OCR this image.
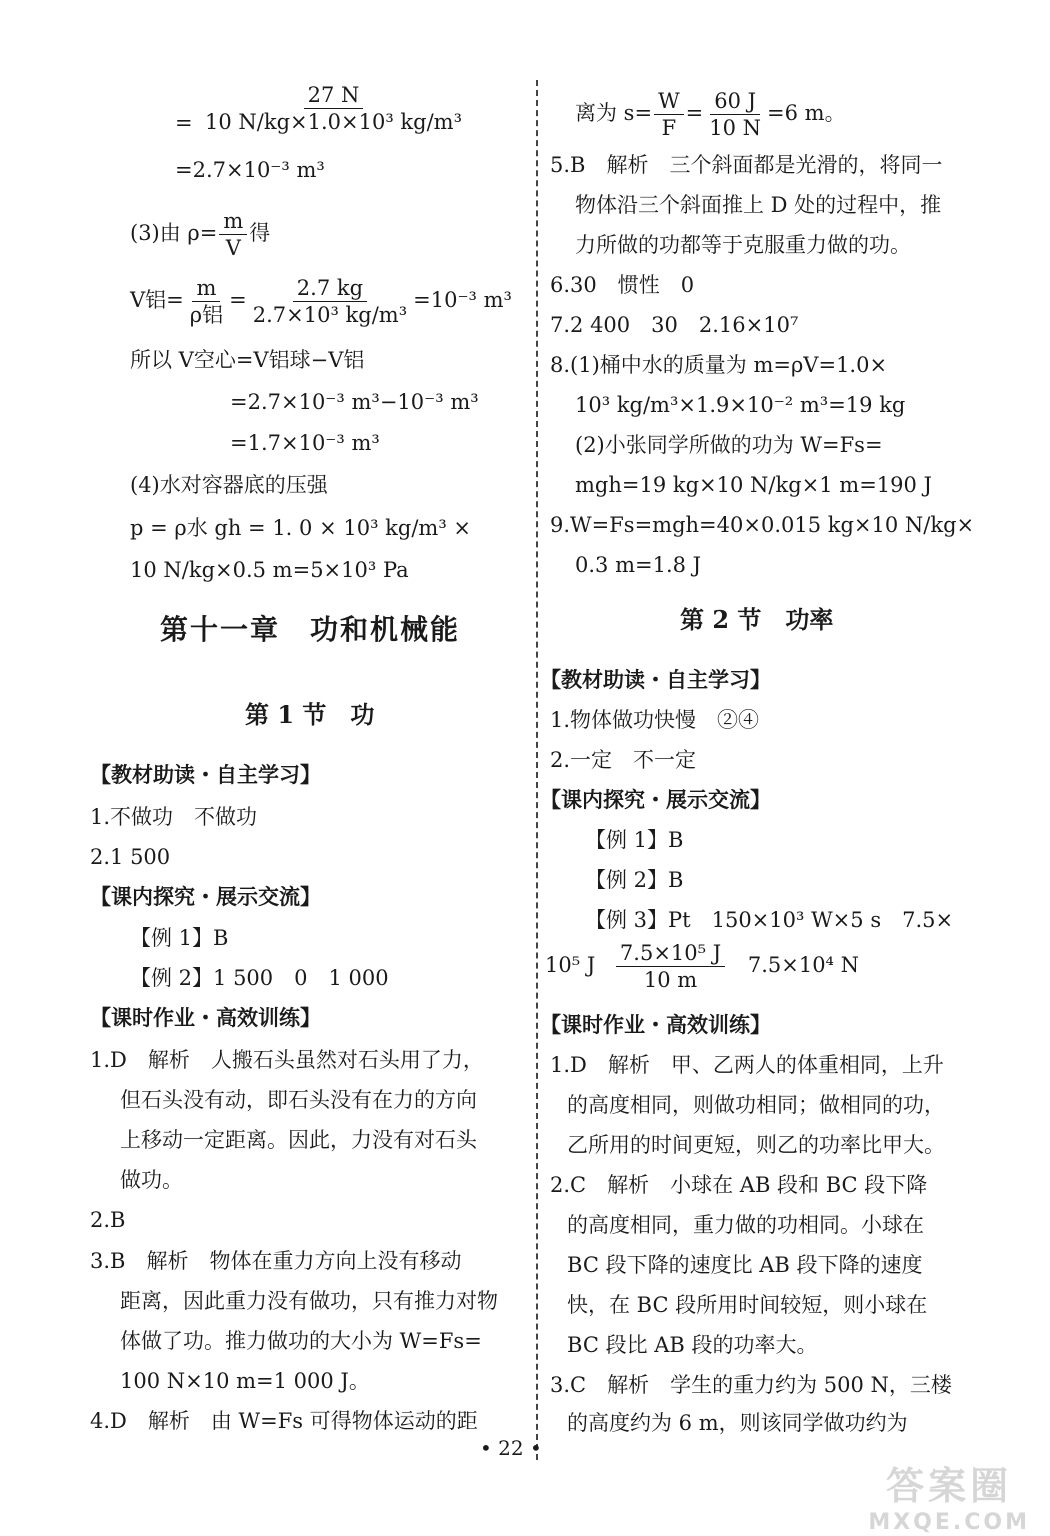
= $\frac{27 N}{\text{10 N/kg×1.0×10³ kg/m³}}$
=2.7×10⁻³ m³
(3)由 $\rho= \frac{m}{V}$ 得
V铝= $\frac{m}{\text{ρ铝}} = \frac{2.7 kg}{\text{2.7×10³ kg/m³}} =10^{-3}$ m³
所以 V空心=V铝球−V铝
=2.7×10⁻³ m³−10⁻³ m³
=1.7×10⁻³ m³
(4)水对容器底的压强
p = ρ水 gh = 1. 0 × 10³ kg/m³ ×
10 N/kg×0.5 m=5×10³ Pa
第十一章　功和机械能
第 1 节　功
【教材助读・自主学习】
1.不做功　不做功
2.1 500
【课内探究・展示交流】
【例 1】B
【例 2】1 500　0　1 000
【课时作业・高效训练】
1.D　解析　人搬石头虽然对石头用了力，
但石头没有动，即石头没有在力的方向
上移动一定距离。因此，力没有对石头
做功。
2.B
3.B　解析　物体在重力方向上没有移动
距离，因此重力没有做功，只有推力对物
体做了功。推力做功的大小为 W=Fs=
100 N×10 m=1 000 J。
4.D　解析　由 W=Fs 可得物体运动的距
离为 $s= \frac{W}{F} = \frac{60 J}{10 N} =6$ m。
5.B　解析　三个斜面都是光滑的，将同一
物体沿三个斜面推上 D 处的过程中，推
力所做的功都等于克服重力做的功。
6.30　惯性　0
7.2 400　30　2.16×10⁷
8.(1)桶中水的质量为 m=ρV=1.0×
10³ kg/m³×1.9×10⁻² m³=19 kg
(2)小张同学所做的功为 W=Fs=
mgh=19 kg×10 N/kg×1 m=190 J
9.W=Fs=mgh=40×0.015 kg×10 N/kg×
0.3 m=1.8 J
第 2 节　功率
【教材助读・自主学习】
1.物体做功快慢　②④
2.一定　不一定
【课内探究・展示交流】
【例 1】B
【例 2】B
【例 3】Pt　150×10³ W×5 s　7.5×
10⁵ J $\frac{\text{7.5×10⁵ J}}{10 m} 7.5\times 10^4$ N
【课时作业・高效训练】
1.D　解析　甲、乙两人的体重相同，上升
的高度相同，则做功相同；做相同的功，
乙所用的时间更短，则乙的功率比甲大。
2.C　解析　小球在 AB 段和 BC 段下降
的高度相同，重力做的功相同。小球在
BC 段下降的速度比 AB 段下降的速度
快，在 BC 段所用时间较短，则小球在
BC 段比 AB 段的功率大。
3.C　解析　学生的重力约为 500 N，三楼
的高度约为 6 m，则该同学做功约为
• 22 •
答案圈
MXQE.COM
